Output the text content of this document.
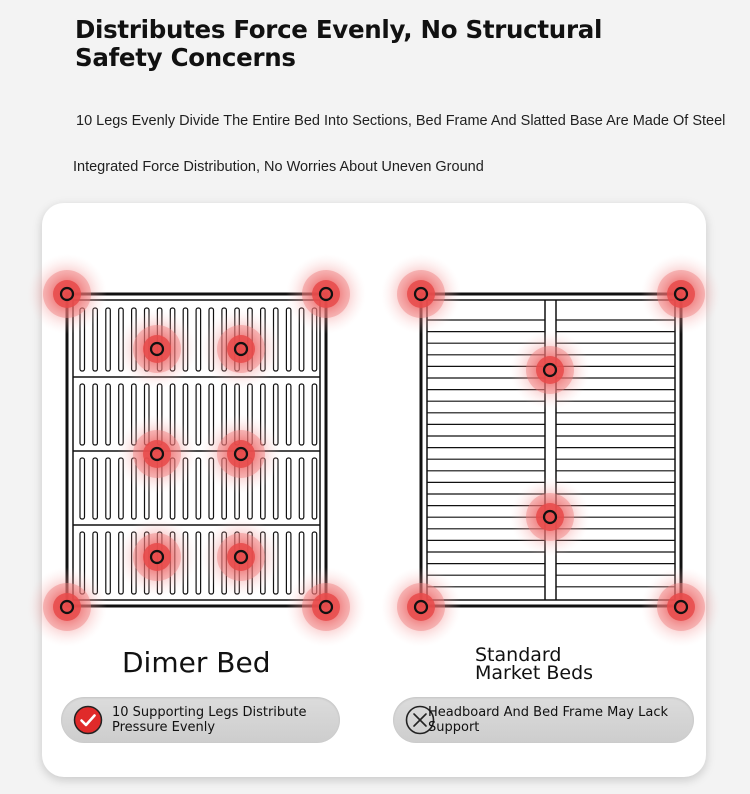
Distributes Force Evenly, No Structural Safety Concerns
10 Legs Evenly Divide The Entire Bed Into Sections, Bed Frame And Slatted Base Are Made Of Steel
Integrated Force Distribution, No Worries About Uneven Ground
Dimer Bed	Standard Market Beds
10 Supporting Legs Distribute Pressure Evenly
Headboard And Bed Frame May Lack Support
